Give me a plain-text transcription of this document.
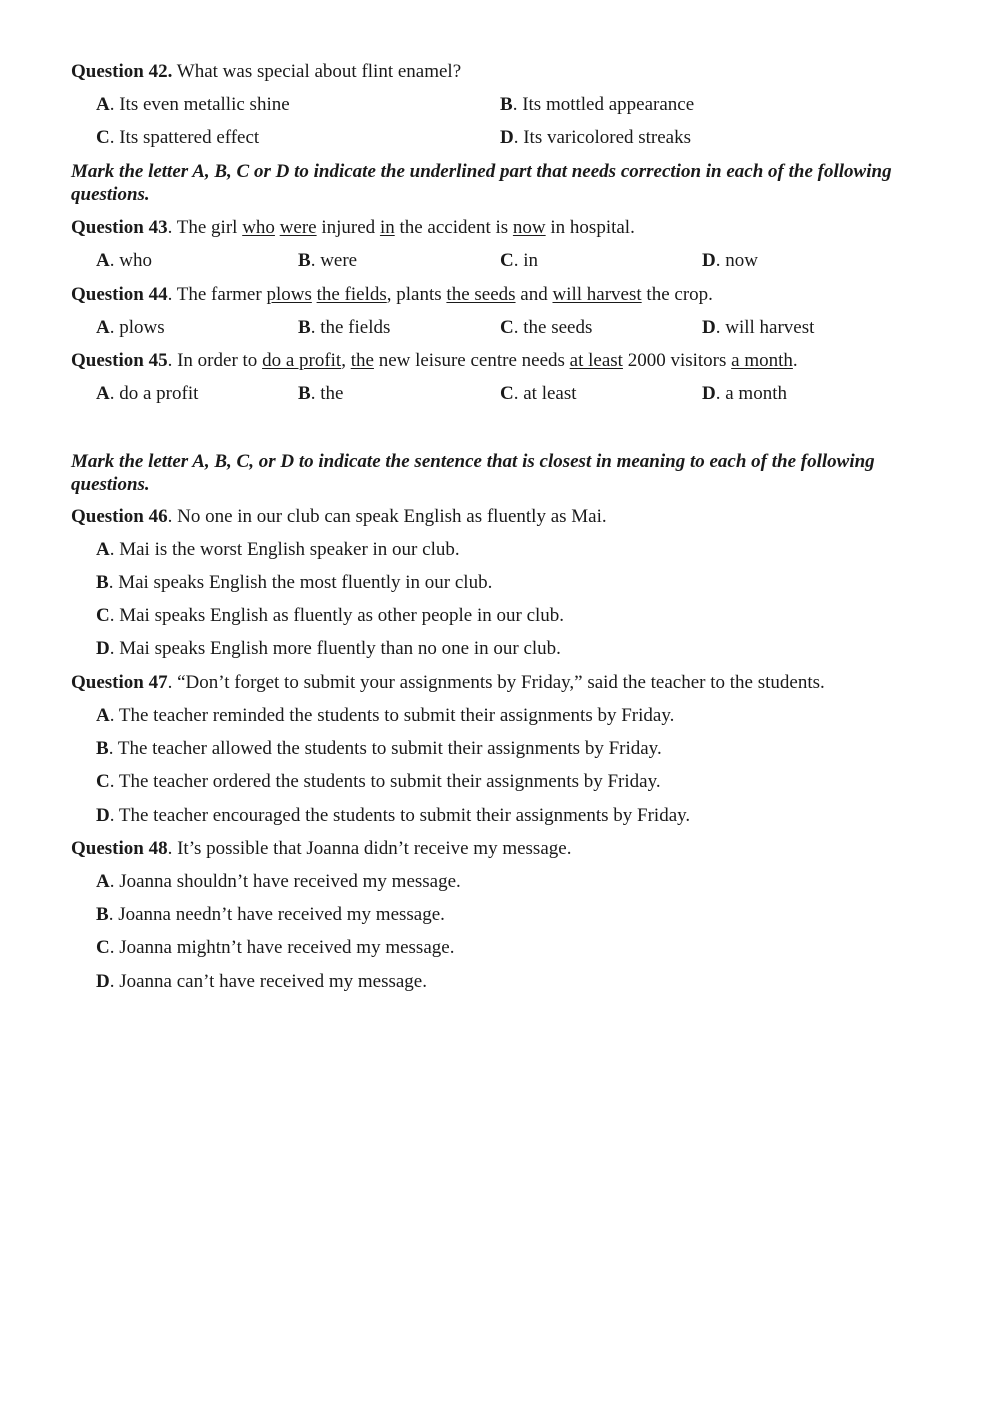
Question 42. What was special about flint enamel?
A. Its even metallic shine	B. Its mottled appearance
C. Its spattered effect	D. Its varicolored streaks
Mark the letter A, B, C or D to indicate the underlined part that needs correction in each of the following questions.
Question 43. The girl who were injured in the accident is now in hospital.
A. who	B. were	C. in	D. now
Question 44. The farmer plows the fields, plants the seeds and will harvest the crop.
A. plows	B. the fields	C. the seeds	D. will harvest
Question 45. In order to do a profit, the new leisure centre needs at least 2000 visitors a month.
A. do a profit	B. the	C. at least	D. a month
Mark the letter A, B, C, or D to indicate the sentence that is closest in meaning to each of the following questions.
Question 46. No one in our club can speak English as fluently as Mai.
A. Mai is the worst English speaker in our club.
B. Mai speaks English the most fluently in our club.
C. Mai speaks English as fluently as other people in our club.
D. Mai speaks English more fluently than no one in our club.
Question 47. “Don’t forget to submit your assignments by Friday,” said the teacher to the students.
A. The teacher reminded the students to submit their assignments by Friday.
B. The teacher allowed the students to submit their assignments by Friday.
C. The teacher ordered the students to submit their assignments by Friday.
D. The teacher encouraged the students to submit their assignments by Friday.
Question 48. It’s possible that Joanna didn’t receive my message.
A. Joanna shouldn’t have received my message.
B. Joanna needn’t have received my message.
C. Joanna mightn’t have received my message.
D. Joanna can’t have received my message.
